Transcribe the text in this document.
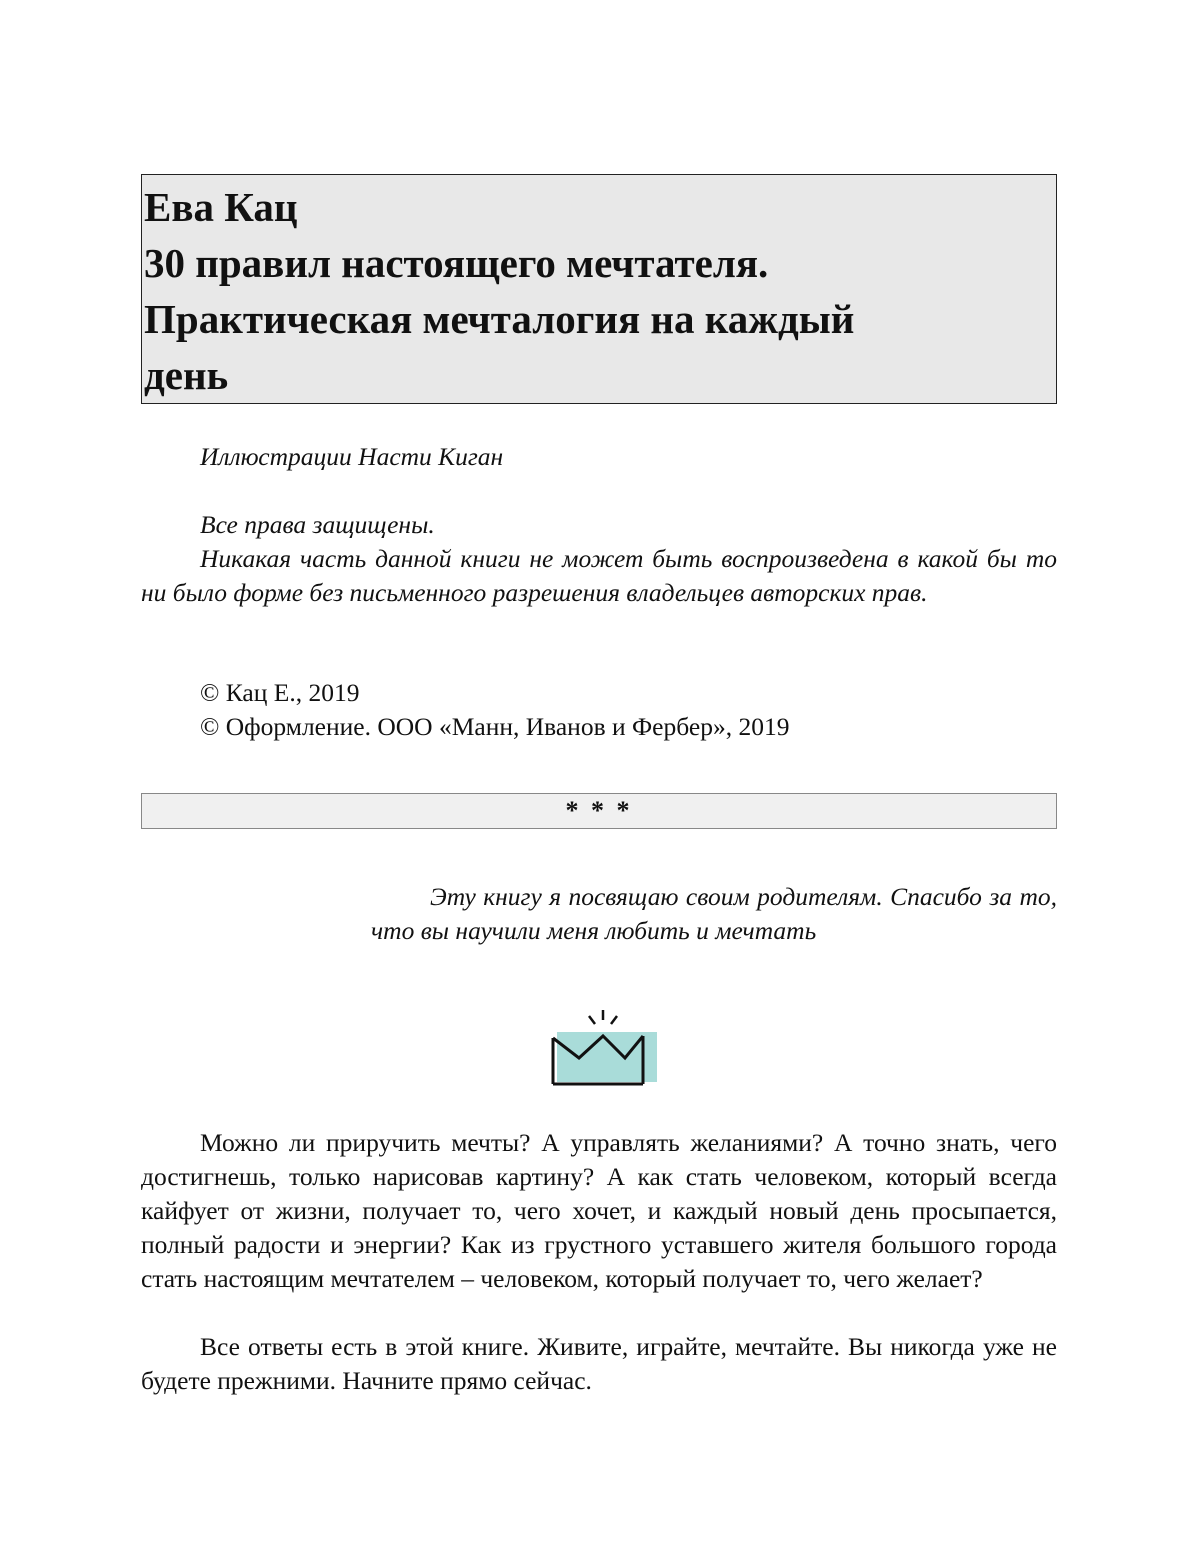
Ева Кац
30 правил настоящего мечтателя.
Практическая мечталогия на каждый
день

Иллюстрации Насти Киган

Все права защищены.

Никакая часть данной книги не может быть воспроизведена в какой бы то ни было форме без письменного разрешения владельцев авторских прав.

© Кац Е., 2019

© Оформление. ООО «Манн, Иванов и Фербер», 2019

* * *

Эту книгу я посвящаю своим родителям. Спасибо за то, что вы научили меня любить и мечтать

Можно ли приручить мечты? А управлять желаниями? А точно знать, чего достигнешь, только нарисовав картину? А как стать человеком, который всегда кайфует от жизни, получает то, чего хочет, и каждый новый день просыпается, полный радости и энергии? Как из грустного уставшего жителя большого города стать настоящим мечтателем – человеком, который получает то, чего желает?

Все ответы есть в этой книге. Живите, играйте, мечтайте. Вы никогда уже не будете прежними. Начните прямо сейчас.
